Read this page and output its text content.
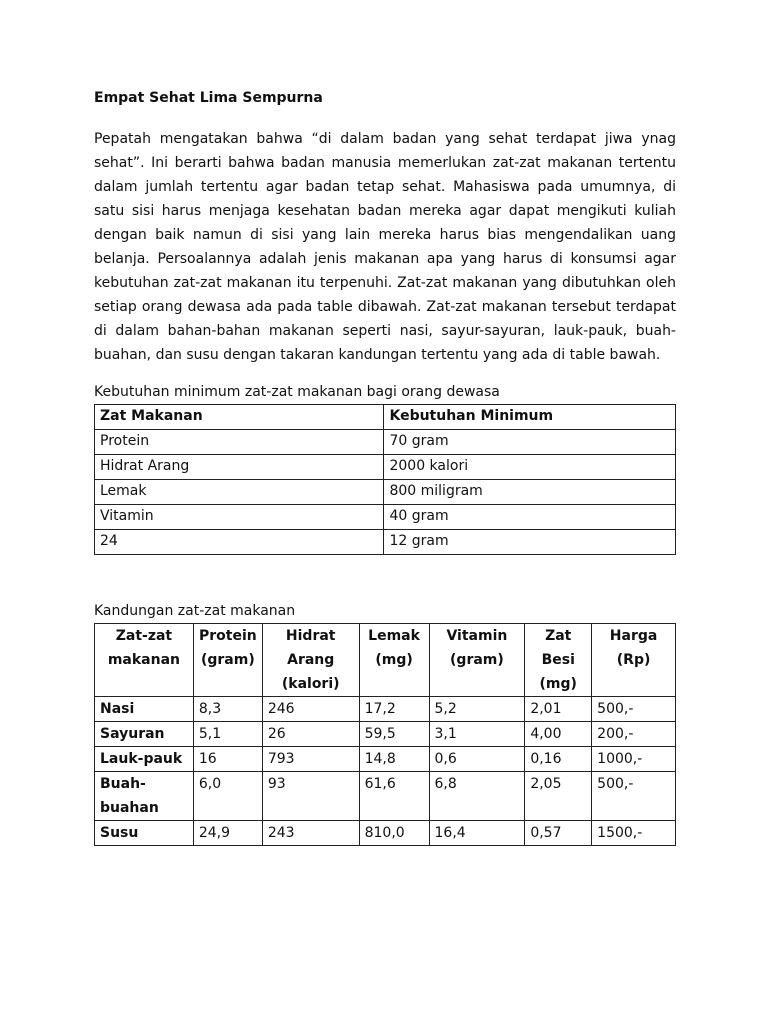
Empat Sehat Lima Sempurna

Pepatah mengatakan bahwa “di dalam badan yang sehat terdapat jiwa ynag sehat”. Ini berarti bahwa badan manusia memerlukan zat-zat makanan tertentu dalam jumlah tertentu agar badan tetap sehat. Mahasiswa pada umumnya, di satu sisi harus menjaga kesehatan badan mereka agar dapat mengikuti kuliah dengan baik namun di sisi yang lain mereka harus bias mengendalikan uang belanja. Persoalannya adalah jenis makanan apa yang harus di konsumsi agar kebutuhan zat-zat makanan itu terpenuhi. Zat-zat makanan yang dibutuhkan oleh setiap orang dewasa ada pada table dibawah. Zat-zat makanan tersebut terdapat di dalam bahan-bahan makanan seperti nasi, sayur-sayuran, lauk-pauk, buah-buahan, dan susu dengan takaran kandungan tertentu yang ada di table bawah.

Kebutuhan minimum zat-zat makanan bagi orang dewasa

Zat Makanan	Kebutuhan Minimum
Protein	70 gram
Hidrat Arang	2000 kalori
Lemak	800 miligram
Vitamin	40 gram
24	12 gram

Kandungan zat-zat makanan

Zat-zat makanan	Protein (gram)	Hidrat Arang (kalori)	Lemak (mg)	Vitamin (gram)	Zat Besi (mg)	Harga (Rp)
Nasi	8,3	246	17,2	5,2	2,01	500,-
Sayuran	5,1	26	59,5	3,1	4,00	200,-
Lauk-pauk	16	793	14,8	0,6	0,16	1000,-
Buah-buahan	6,0	93	61,6	6,8	2,05	500,-
Susu	24,9	243	810,0	16,4	0,57	1500,-
